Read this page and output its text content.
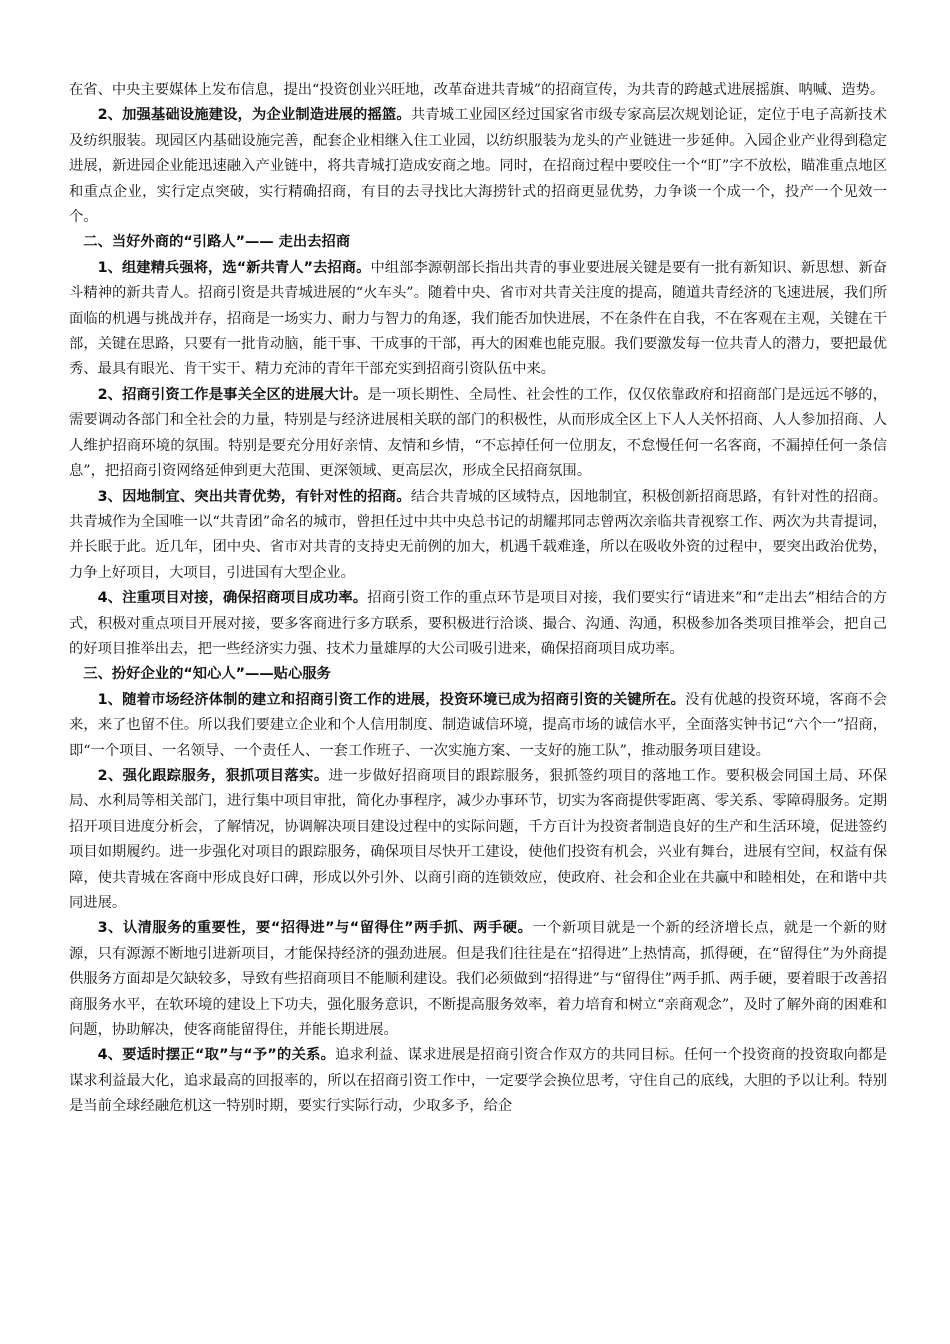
在省、中央主要媒体上发布信息，提出“投资创业兴旺地，改革奋进共青城”的招商宣传，为共青的跨越式进展摇旗、呐喊、造势。

2、加强基础设施建设，为企业制造进展的摇篮。共青城工业园区经过国家省市级专家高层次规划论证，定位于电子高新技术及纺织服装。现园区内基础设施完善，配套企业相继入住工业园，以纺织服装为龙头的产业链进一步延伸。入园企业产业得到稳定进展，新进园企业能迅速融入产业链中，将共青城打造成安商之地。同时，在招商过程中要咬住一个“盯”字不放松，瞄准重点地区和重点企业，实行定点突破，实行精确招商，有目的去寻找比大海捞针式的招商更显优势，力争谈一个成一个，投产一个见效一个。

二、当好外商的“引路人”—— 走出去招商

1、组建精兵强将，选“新共青人”去招商。中组部李源朝部长指出共青的事业要进展关键是要有一批有新知识、新思想、新奋斗精神的新共青人。招商引资是共青城进展的“火车头”。随着中央、省市对共青关注度的提高，随道共青经济的飞速进展，我们所面临的机遇与挑战并存，招商是一场实力、耐力与智力的角逐，我们能否加快进展，不在条件在自我，不在客观在主观，关键在干部，关键在思路，只要有一批肯动脑，能干事、干成事的干部，再大的困难也能克服。我们要激发每一位共青人的潜力，要把最优秀、最具有眼光、肯干实干、精力充沛的青年干部充实到招商引资队伍中来。

2、招商引资工作是事关全区的进展大计。是一项长期性、全局性、社会性的工作，仅仅依靠政府和招商部门是远远不够的，需要调动各部门和全社会的力量，特别是与经济进展相关联的部门的积极性，从而形成全区上下人人关怀招商、人人参加招商、人人维护招商环境的氛围。特别是要充分用好亲情、友情和乡情，“不忘掉任何一位朋友，不怠慢任何一名客商，不漏掉任何一条信息”，把招商引资网络延伸到更大范围、更深领域、更高层次，形成全民招商氛围。

3、因地制宜、突出共青优势，有针对性的招商。结合共青城的区域特点，因地制宜，积极创新招商思路，有针对性的招商。共青城作为全国唯一以“共青团”命名的城市，曾担任过中共中央总书记的胡耀邦同志曾两次亲临共青视察工作、两次为共青提词，并长眠于此。近几年，团中央、省市对共青的支持史无前例的加大，机遇千载难逢，所以在吸收外资的过程中，要突出政治优势，力争上好项目，大项目，引进国有大型企业。

4、注重项目对接，确保招商项目成功率。招商引资工作的重点环节是项目对接，我们要实行“请进来”和“走出去”相结合的方式，积极对重点项目开展对接，要多客商进行多方联系，要积极进行洽谈、撮合、沟通、沟通，积极参加各类项目推举会，把自己的好项目推举出去，把一些经济实力强、技术力量雄厚的大公司吸引进来，确保招商项目成功率。

三、扮好企业的“知心人”——贴心服务

1、随着市场经济体制的建立和招商引资工作的进展，投资环境已成为招商引资的关键所在。没有优越的投资环境，客商不会来，来了也留不住。所以我们要建立企业和个人信用制度、制造诚信环境，提高市场的诚信水平，全面落实钟书记“六个一”招商，即“一个项目、一名领导、一个责任人、一套工作班子、一次实施方案、一支好的施工队”，推动服务项目建设。

2、强化跟踪服务，狠抓项目落实。进一步做好招商项目的跟踪服务，狠抓签约项目的落地工作。要积极会同国土局、环保局、水利局等相关部门，进行集中项目审批，简化办事程序，减少办事环节，切实为客商提供零距离、零关系、零障碍服务。定期招开项目进度分析会，了解情况，协调解决项目建设过程中的实际问题，千方百计为投资者制造良好的生产和生活环境，促进签约项目如期履约。进一步强化对项目的跟踪服务，确保项目尽快开工建设，使他们投资有机会，兴业有舞台，进展有空间，权益有保障，使共青城在客商中形成良好口碑，形成以外引外、以商引商的连锁效应，使政府、社会和企业在共赢中和睦相处，在和谐中共同进展。

3、认清服务的重要性，要“招得进”与“留得住”两手抓、两手硬。一个新项目就是一个新的经济增长点，就是一个新的财源，只有源源不断地引进新项目，才能保持经济的强劲进展。但是我们往往是在“招得进”上热情高，抓得硬，在“留得住”为外商提供服务方面却是欠缺较多，导致有些招商项目不能顺利建设。我们必须做到“招得进”与“留得住”两手抓、两手硬，要着眼于改善招商服务水平，在软环境的建设上下功夫，强化服务意识，不断提高服务效率，着力培育和树立“亲商观念”，及时了解外商的困难和问题，协助解决，使客商能留得住，并能长期进展。

4、要适时摆正“取”与“予”的关系。追求利益、谋求进展是招商引资合作双方的共同目标。任何一个投资商的投资取向都是谋求利益最大化，追求最高的回报率的，所以在招商引资工作中，一定要学会换位思考，守住自己的底线，大胆的予以让利。特别是当前全球经融危机这一特别时期，要实行实际行动，少取多予，给企
